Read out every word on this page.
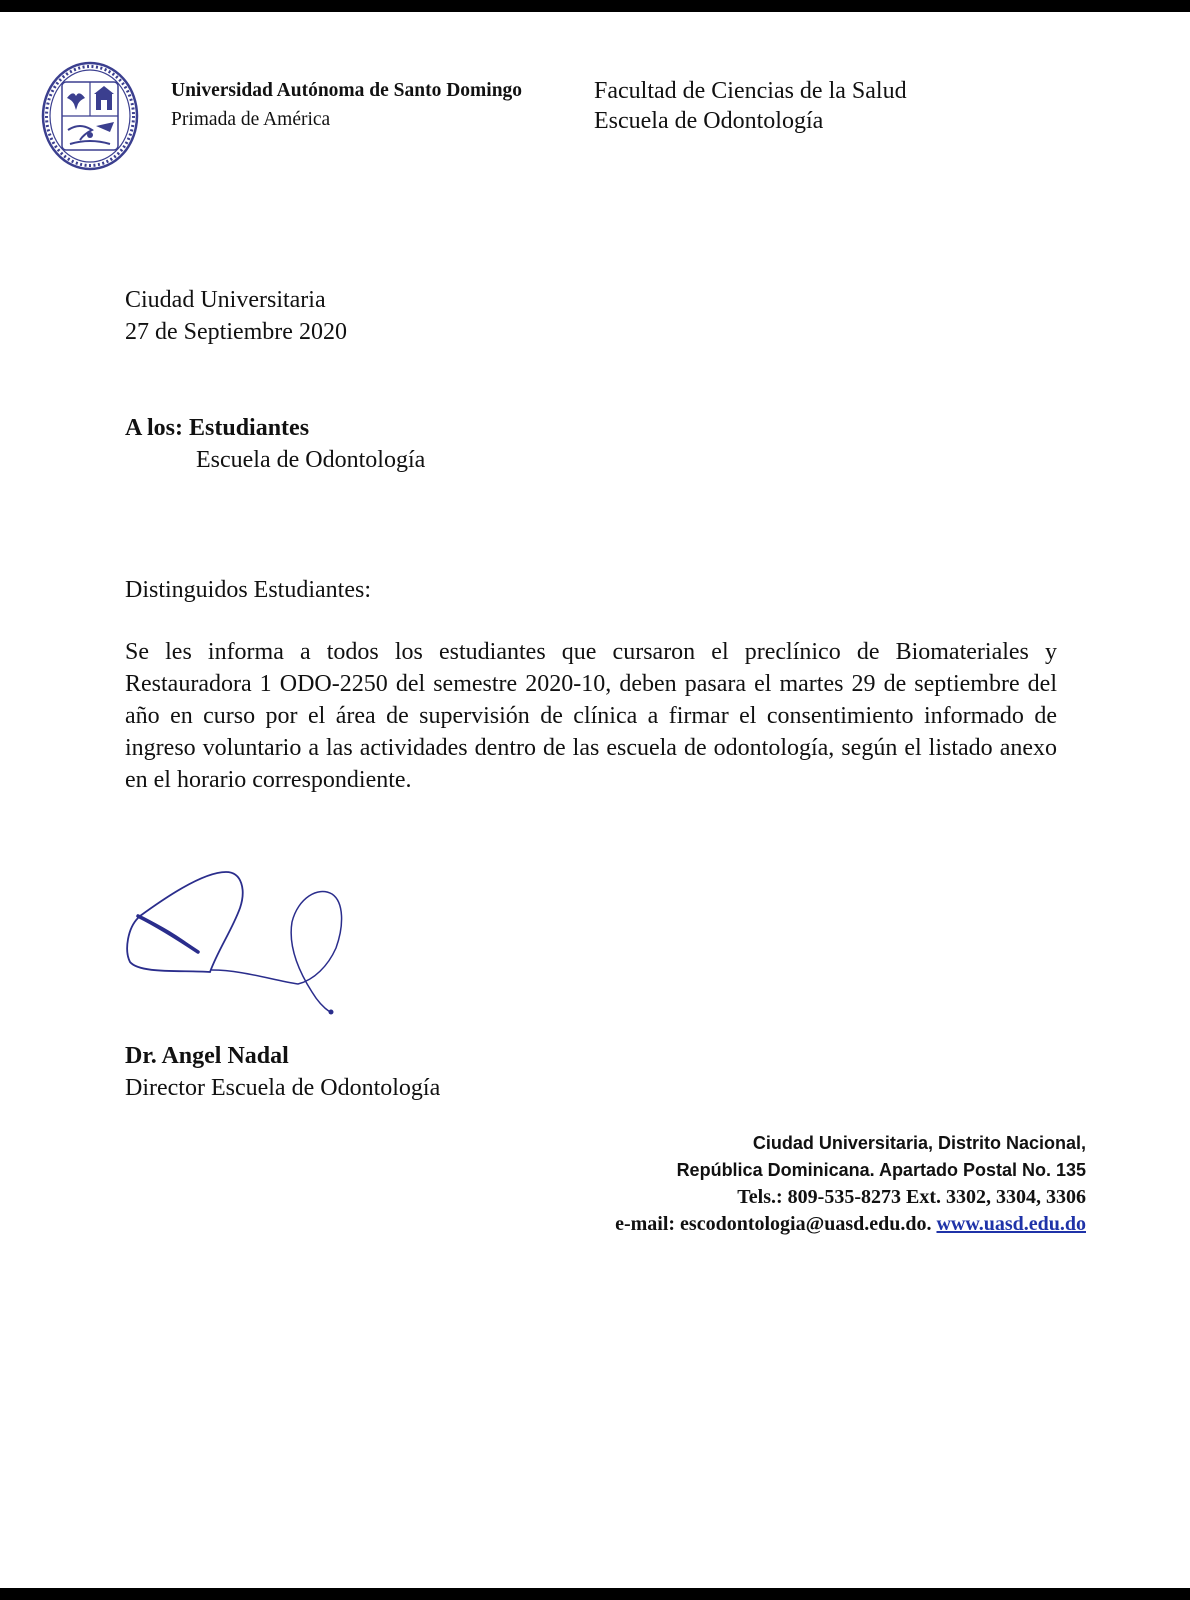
Universidad Autónoma de Santo Domingo
Primada de América
Facultad de Ciencias de la Salud
Escuela de Odontología
Ciudad Universitaria
27 de Septiembre 2020
A los: Estudiantes
Escuela de Odontología
Distinguidos Estudiantes:

Se les informa a todos los estudiantes que cursaron el preclínico de Biomateriales y Restauradora 1 ODO-2250 del semestre 2020-10, deben pasara el martes 29 de septiembre del año en curso por el área de supervisión de clínica a firmar el consentimiento informado de ingreso voluntario a las actividades dentro de las escuela de odontología, según el listado anexo en el horario correspondiente.

Dr. Angel Nadal
Director Escuela de Odontología
Ciudad Universitaria, Distrito Nacional,
República Dominicana. Apartado Postal No. 135
Tels.: 809-535-8273 Ext. 3302, 3304, 3306
e-mail: escodontologia@uasd.edu.do. www.uasd.edu.do
